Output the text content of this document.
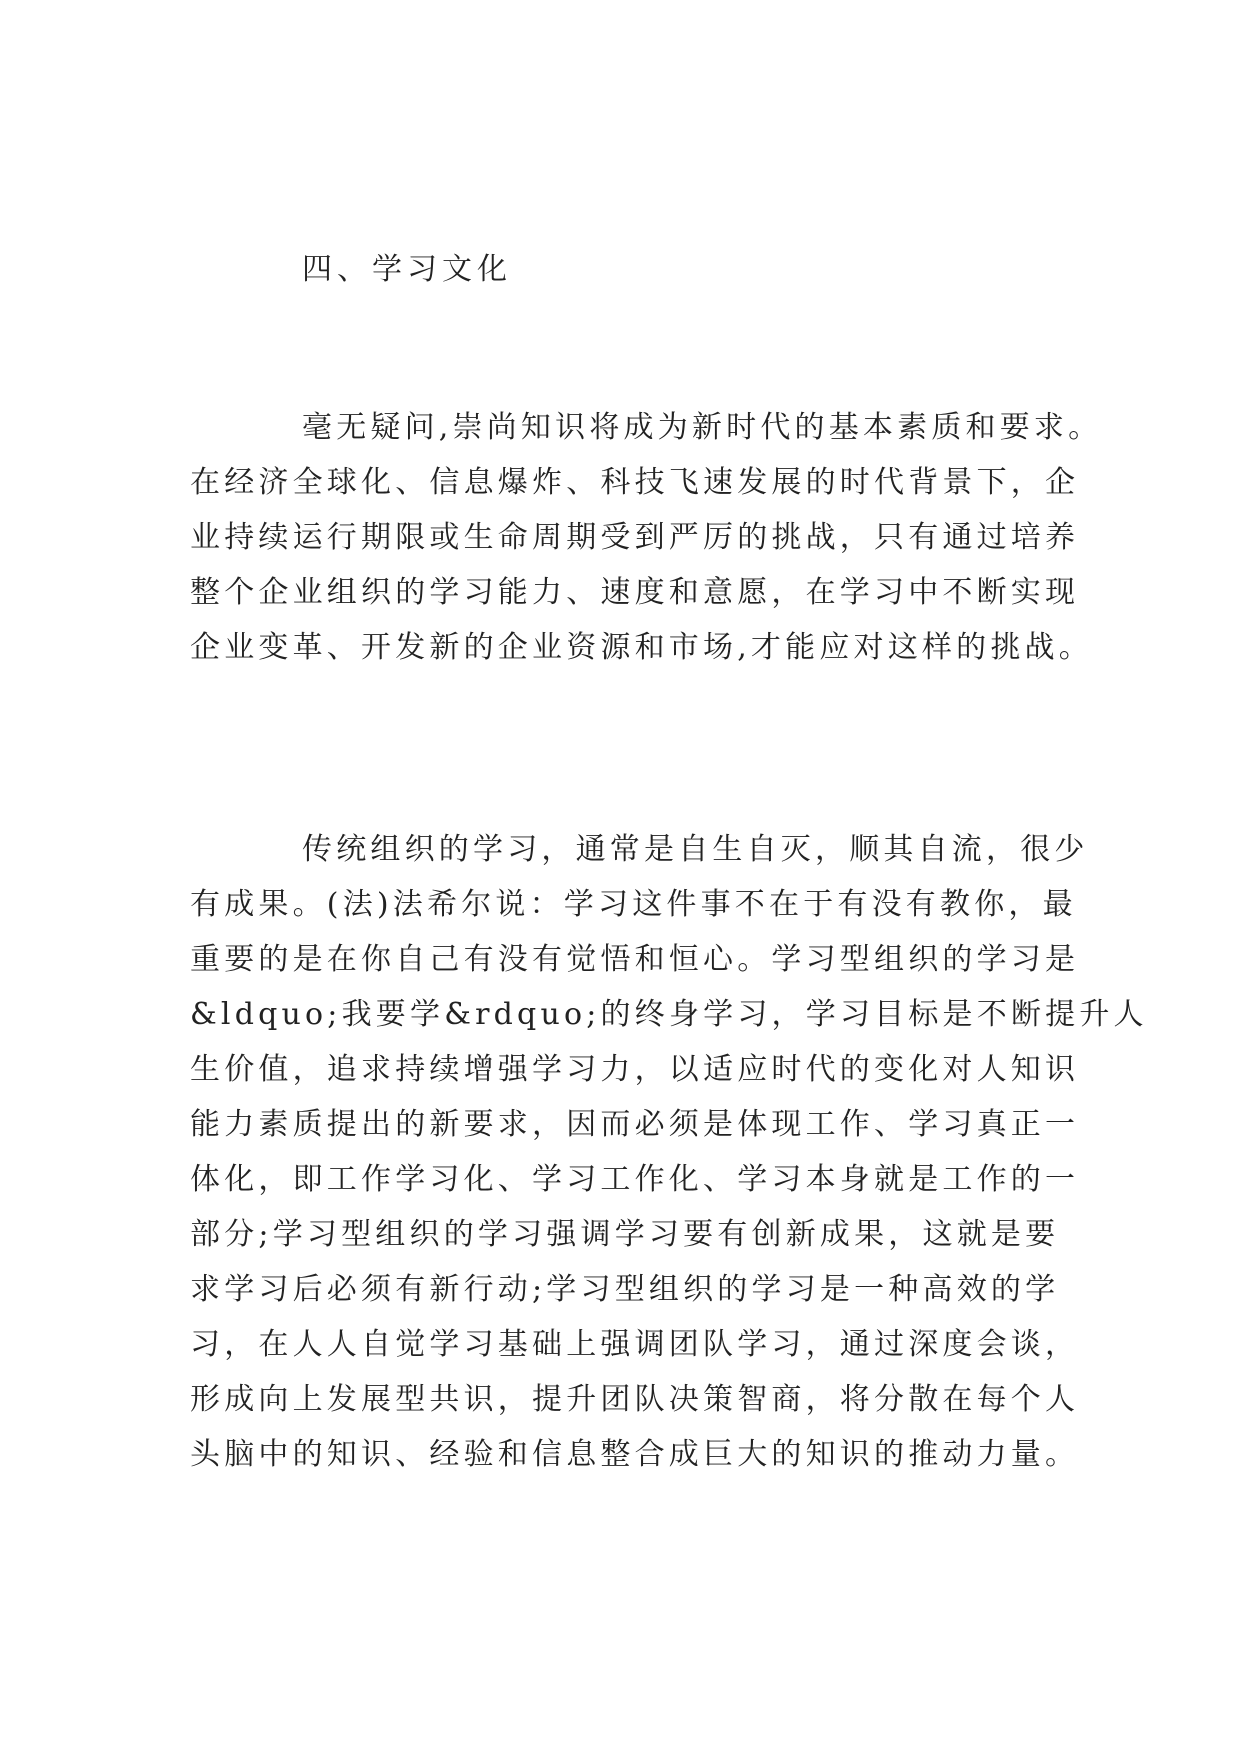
四、学习文化
毫无疑问,崇尚知识将成为新时代的基本素质和要求。
在经济全球化、信息爆炸、科技飞速发展的时代背景下，企
业持续运行期限或生命周期受到严厉的挑战，只有通过培养
整个企业组织的学习能力、速度和意愿，在学习中不断实现
企业变革、开发新的企业资源和市场,才能应对这样的挑战。
传统组织的学习，通常是自生自灭，顺其自流，很少
有成果。(法)法希尔说：学习这件事不在于有没有教你，最
重要的是在你自己有没有觉悟和恒心。学习型组织的学习是
&ldquo;我要学&rdquo;的终身学习，学习目标是不断提升人
生价值，追求持续增强学习力，以适应时代的变化对人知识
能力素质提出的新要求，因而必须是体现工作、学习真正一
体化，即工作学习化、学习工作化、学习本身就是工作的一
部分;学习型组织的学习强调学习要有创新成果，这就是要
求学习后必须有新行动;学习型组织的学习是一种高效的学
习，在人人自觉学习基础上强调团队学习，通过深度会谈，
形成向上发展型共识，提升团队决策智商，将分散在每个人
头脑中的知识、经验和信息整合成巨大的知识的推动力量。
